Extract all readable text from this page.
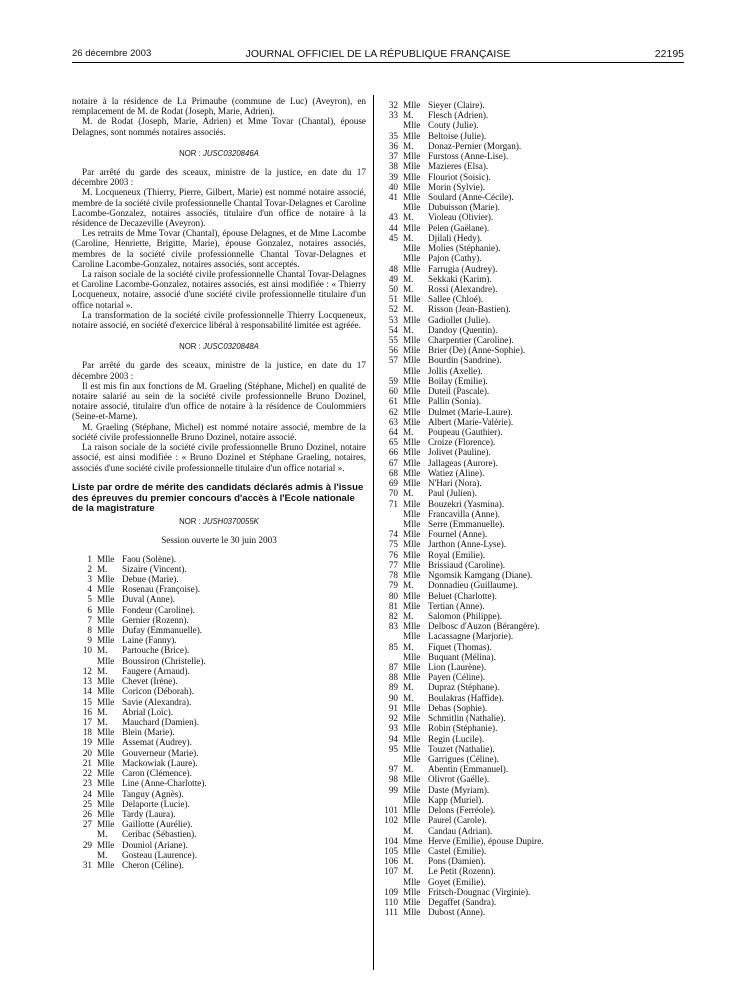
26 décembre 2003	JOURNAL OFFICIEL DE LA RÉPUBLIQUE FRANÇAISE	22195

notaire à la résidence de La Primaube (commune de Luc) (Aveyron), en remplacement de M. de Rodat (Joseph, Marie, Adrien).

M. de Rodat (Joseph, Marie, Adrien) et Mme Tovar (Chantal), épouse Delagnes, sont nommés notaires associés.

NOR : JUSC0320846A

Par arrêté du garde des sceaux, ministre de la justice, en date du 17 décembre 2003 :

M. Locqueneux (Thierry, Pierre, Gilbert, Marie) est nommé notaire associé, membre de la société civile professionnelle Chantal Tovar-Delagnes et Caroline Lacombe-Gonzalez, notaires associés, titulaire d'un office de notaire à la résidence de Decazeville (Aveyron).

Les retraits de Mme Tovar (Chantal), épouse Delagnes, et de Mme Lacombe (Caroline, Henriette, Brigitte, Marie), épouse Gonzalez, notaires associés, membres de la société civile professionnelle Chantal Tovar-Delagnes et Caroline Lacombe-Gonzalez, notaires associés, sont acceptés.

La raison sociale de la société civile professionnelle Chantal Tovar-Delagnes et Caroline Lacombe-Gonzalez, notaires associés, est ainsi modifiée : « Thierry Locqueneux, notaire, associé d'une société civile professionnelle titulaire d'un office notarial ».

La transformation de la société civile professionnelle Thierry Locqueneux, notaire associé, en société d'exercice libéral à responsabilité limitée est agréée.

NOR : JUSC0320848A

Par arrêté du garde des sceaux, ministre de la justice, en date du 17 décembre 2003 :

Il est mis fin aux fonctions de M. Graeling (Stéphane, Michel) en qualité de notaire salarié au sein de la société civile professionnelle Bruno Dozinel, notaire associé, titulaire d'un office de notaire à la résidence de Coulommiers (Seine-et-Marne).

M. Graeling (Stéphane, Michel) est nommé notaire associé, membre de la société civile professionnelle Bruno Dozinel, notaire associé.

La raison sociale de la société civile professionnelle Bruno Dozinel, notaire associé, est ainsi modifiée : « Bruno Dozinel et Stéphane Graeling, notaires, associés d'une société civile professionnelle titulaire d'un office notarial ».

Liste par ordre de mérite des candidats déclarés admis à l'issue des épreuves du premier concours d'accès à l'Ecole nationale de la magistrature
NOR : JUSH0370055K
Session ouverte le 30 juin 2003
1 Mlle Faou (Solène).
2 M.	Sizaire (Vincent).
3 Mlle Debue (Marie).
4 Mlle Rosenau (Françoise).
5 Mlle Duval (Anne).
6 Mlle Fondeur (Caroline).
7 Mlle Gernier (Rozenn).
8 Mlle Dufay (Emmanuelle).
9 Mlle Laine (Fanny).
10 M.	Partouche (Brice).
Mlle Boussiron (Christelle).
12 M.	Faugere (Arnaud).
13 Mlle Chevet (Irène).
14 Mlle Coricon (Déborah).
15 Mlle Savie (Alexandra).
16 M.	Abrial (Loïc).
17 M.	Mauchard (Damien).
18 Mlle Blein (Marie).
19 Mlle Assemat (Audrey).
20 Mlle Gouverneur (Marie).
21 Mlle Mackowiak (Laure).
22 Mlle Caron (Clémence).
23 Mlle Line (Anne-Charlotte).
24 Mlle Tanguy (Agnès).
25 Mlle Delaporte (Lucie).
26 Mlle Tardy (Laura).
27 Mlle Gaillotte (Aurélie).
M.	Ceribac (Sébastien).
29 Mlle Douniol (Ariane).
M.	Gosteau (Laurence).
31 Mlle Cheron (Céline).
32 Mlle Sieyer (Claire).
33 M.	Flesch (Adrien).
Mlle Couty (Julie).
35 Mlle Beltoise (Julie).
36 M.	Donaz-Pernier (Morgan).
37 Mlle Furstoss (Anne-Lise).
38 Mlle Mazieres (Elsa).
39 Mlle Flouriot (Soisic).
40 Mlle Morin (Sylvie).
41 Mlle Soulard (Anne-Cécile).
Mlle Dubuisson (Marie).
43 M.	Violeau (Olivier).
44 Mlle Pelen (Gaëlane).
45 M.	Djilali (Hedy).
Mlle Molies (Stéphanie).
Mlle Pajon (Cathy).
48 Mlle Farrugia (Audrey).
49 M.	Sekkaki (Karim).
50 M.	Rossi (Alexandre).
51 Mlle Sallee (Chloé).
52 M.	Risson (Jean-Bastien).
53 Mlle Gadiollet (Julie).
54 M.	Dandoy (Quentin).
55 Mlle Charpentier (Caroline).
56 Mlle Brier (De) (Anne-Sophie).
57 Mlle Bourdin (Sandrine).
Mlle Jollis (Axelle).
59 Mlle Boilay (Emilie).
60 Mlle Duteil (Pascale).
61 Mlle Pallin (Sonia).
62 Mlle Dulmet (Marie-Laure).
63 Mlle Albert (Marie-Valérie).
64 M.	Poupeau (Gauthier).
65 Mlle Croize (Florence).
66 Mlle Jolivet (Pauline).
67 Mlle Jallageas (Aurore).
68 Mlle Watiez (Aline).
69 Mlle N'Hari (Nora).
70 M.	Paul (Julien).
71 Mlle Bouzekri (Yasmina).
Mlle Francavilla (Anne).
Mlle Serre (Emmanuelle).
74 Mlle Fournel (Anne).
75 Mlle Jarthon (Anne-Lyse).
76 Mlle Royal (Emilie).
77 Mlle Brissiaud (Caroline).
78 Mlle Ngomsik Kamgang (Diane).
79 M.	Donnadieu (Guillaume).
80 Mlle Beluet (Charlotte).
81 Mlle Tertian (Anne).
82 M.	Salomon (Philippe).
83 Mlle Delbosc d'Auzon (Bérangère).
Mlle Lacassagne (Marjorie).
85 M.	Fiquet (Thomas).
Mlle Buquant (Mélina).
87 Mlle Lion (Laurène).
88 Mlle Payen (Céline).
89 M.	Dupraz (Stéphane).
90 M.	Boulakras (Haffide).
91 Mlle Debas (Sophie).
92 Mlle Schmitlin (Nathalie).
93 Mlle Robin (Stéphanie).
94 Mlle Regin (Lucile).
95 Mlle Touzet (Nathalie).
Mlle Garrigues (Céline).
97 M.	Abentin (Emmanuel).
98 Mlle Olivrot (Gaëlle).
99 Mlle Daste (Myriam).
Mlle Kapp (Muriel).
101 Mlle Delons (Ferréole).
102 Mlle Paurel (Carole).
M.	Candau (Adrian).
104 Mme Herve (Emilie), épouse Dupire.
105 Mlle Castel (Emilie).
106 M.	Pons (Damien).
107 M.	Le Petit (Rozenn).
Mlle Goyet (Emilie).
109 Mlle Fritsch-Dougnac (Virginie).
110 Mlle Degaffet (Sandra).
111 Mlle Dubost (Anne).
